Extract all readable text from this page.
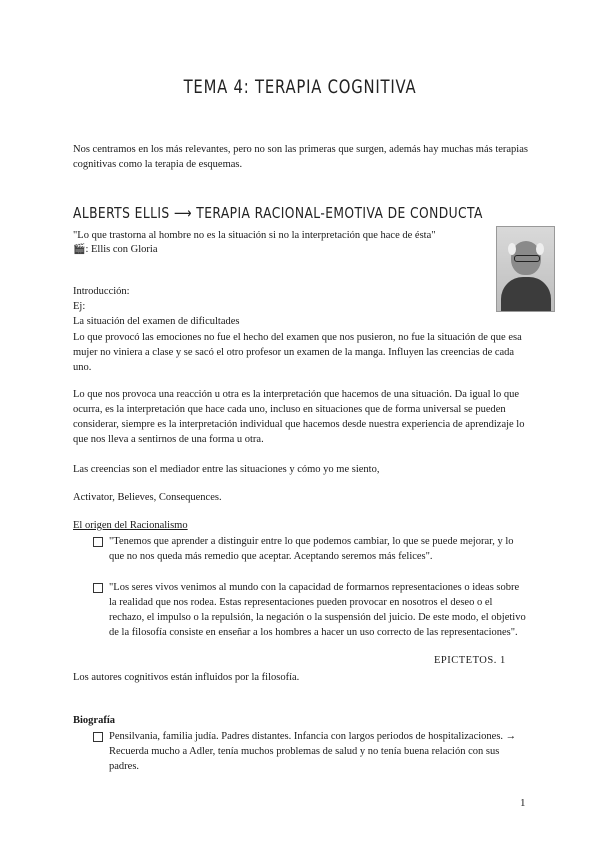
TEMA 4: TERAPIA COGNITIVA
Nos centramos en los más relevantes, pero no son las primeras que surgen, además hay muchas más terapias cognitivas como la terapia de esquemas.
ALBERTS ELLIS ⟶ TERAPIA RACIONAL-EMOTIVA DE CONDUCTA
"Lo que trastorna al hombre no es la situación si no la interpretación que hace de ésta"
🎬: Ellis con Gloria
Introducción:
Ej:
La situación del examen de dificultades
Lo que provocó las emociones no fue el hecho del examen que nos pusieron, no fue la situación de que esa mujer no viniera a clase y se sacó el otro profesor un examen de la manga. Influyen las creencias de cada uno.
Lo que nos provoca una reacción u otra es la interpretación que hacemos de una situación. Da igual lo que ocurra, es la interpretación que hace cada uno, incluso en situaciones que de forma universal se pueden considerar, siempre es la interpretación individual que hacemos desde nuestra experiencia de aprendizaje lo que nos lleva a sentirnos de una forma u otra.
Las creencias son el mediador entre las situaciones y cómo yo me siento,
Activator, Believes, Consequences.
El origen del Racionalismo
"Tenemos que aprender a distinguir entre lo que podemos cambiar, lo que se puede mejorar, y lo que no nos queda más remedio que aceptar. Aceptando seremos más felices".
"Los seres vivos venimos al mundo con la capacidad de formarnos representaciones o ideas sobre la realidad que nos rodea. Estas representaciones pueden provocar en nosotros el deseo o el rechazo, el impulso o la repulsión, la negación o la suspensión del juicio. De este modo, el objetivo de la filosofía consiste en enseñar a los hombres a hacer un uso correcto de las representaciones".
EPICTETOS. 1
Los autores cognitivos están influidos por la filosofía.
Biografía
Pensilvania, familia judía. Padres distantes. Infancia con largos periodos de hospitalizaciones. → Recuerda mucho a Adler, tenía muchos problemas de salud y no tenía buena relación con sus padres.
1
